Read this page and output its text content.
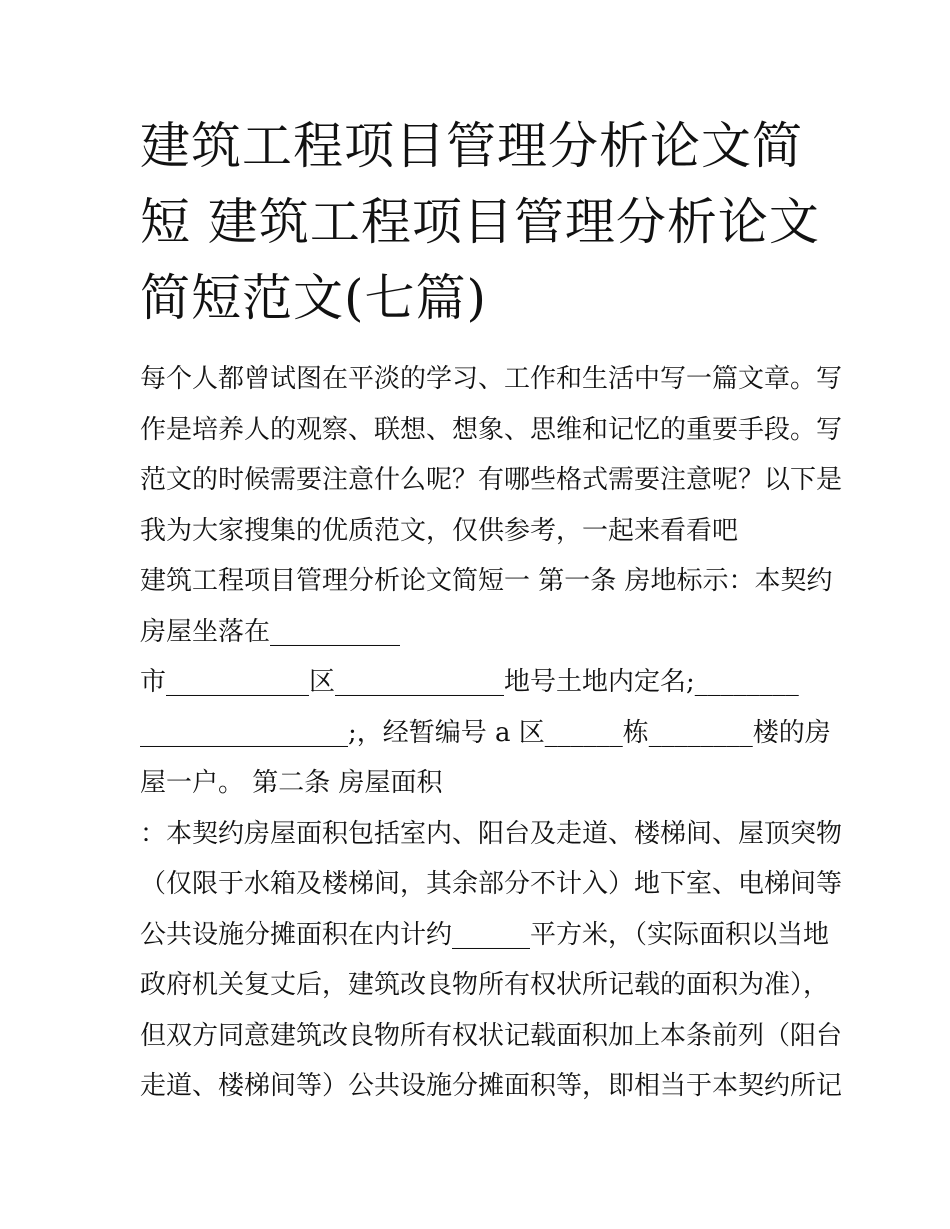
建筑工程项目管理分析论文简
短 建筑工程项目管理分析论文
简短范文(七篇)
每个人都曾试图在平淡的学习、工作和生活中写一篇文章。写
作是培养人的观察、联想、想象、思维和记忆的重要手段。写
范文的时候需要注意什么呢？有哪些格式需要注意呢？以下是
我为大家搜集的优质范文，仅供参考，一起来看看吧
建筑工程项目管理分析论文简短一 第一条 房地标示：本契约
房屋坐落在__________
市___________区_____________地号土地内定名;________
________________;，经暂编号 a 区______栋________楼的房
屋一户。 第二条 房屋面积
：本契约房屋面积包括室内、阳台及走道、楼梯间、屋顶突物
（仅限于水箱及楼梯间，其余部分不计入）地下室、电梯间等
公共设施分摊面积在内计约______平方米，（实际面积以当地
政府机关复丈后，建筑改良物所有权状所记载的面积为准），
但双方同意建筑改良物所有权状记载面积加上本条前列（阳台
走道、楼梯间等）公共设施分摊面积等，即相当于本契约所记
